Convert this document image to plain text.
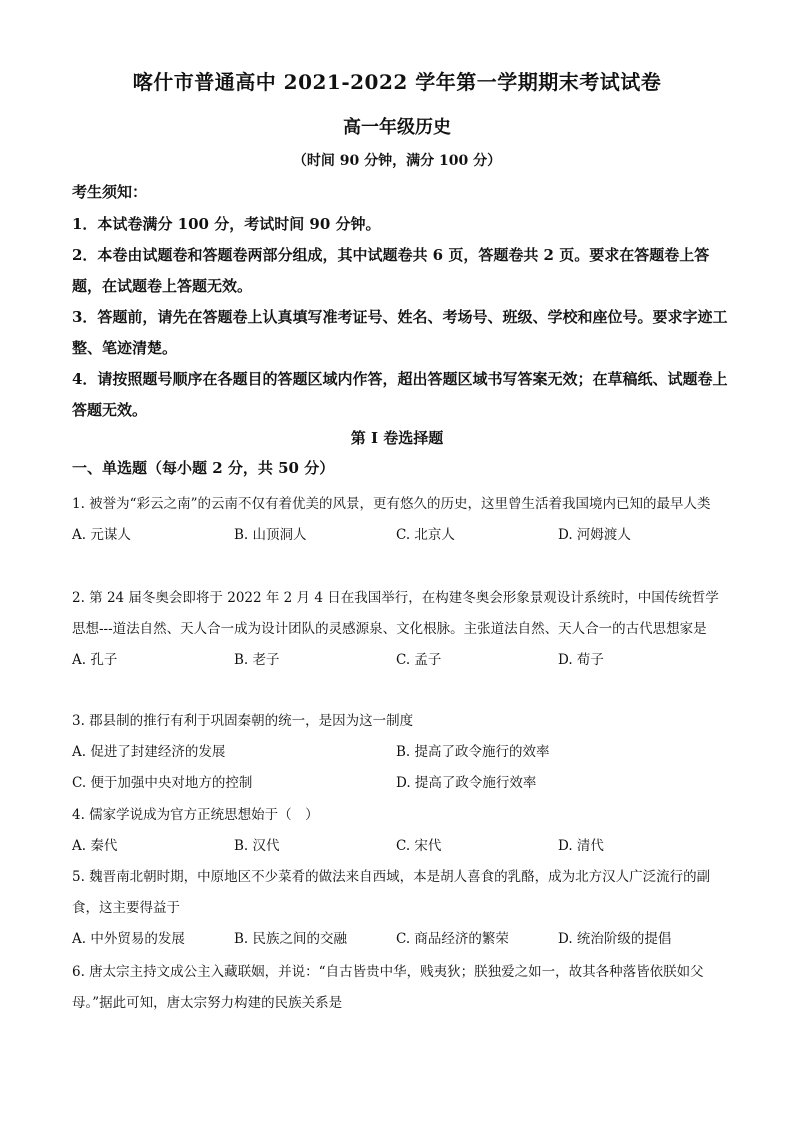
喀什市普通高中 2021-2022 学年第一学期期末考试试卷
高一年级历史
（时间 90 分钟，满分 100 分）
考生须知：
1．本试卷满分 100 分，考试时间 90 分钟。
2．本卷由试题卷和答题卷两部分组成，其中试题卷共 6 页，答题卷共 2 页。要求在答题卷上答题，在试题卷上答题无效。
3．答题前，请先在答题卷上认真填写准考证号、姓名、考场号、班级、学校和座位号。要求字迹工整、笔迹清楚。
4．请按照题号顺序在各题目的答题区域内作答，超出答题区域书写答案无效；在草稿纸、试题卷上答题无效。
第 I 卷选择题
一、单选题（每小题 2 分，共 50 分）
1. 被誉为“彩云之南”的云南不仅有着优美的风景，更有悠久的历史，这里曾生活着我国境内已知的最早人类
A. 元谋人	B. 山顶洞人	C. 北京人	D. 河姆渡人
2. 第 24 届冬奥会即将于 2022 年 2 月 4 日在我国举行，在构建冬奥会形象景观设计系统时，中国传统哲学思想---道法自然、天人合一成为设计团队的灵感源泉、文化根脉。主张道法自然、天人合一的古代思想家是
A. 孔子	B. 老子	C. 孟子	D. 荀子
3. 郡县制的推行有利于巩固秦朝的统一，是因为这一制度
A. 促进了封建经济的发展	B. 提高了政令施行的效率
C. 便于加强中央对地方的控制	D. 提高了政令施行效率
4. 儒家学说成为官方正统思想始于（　）
A. 秦代	B. 汉代	C. 宋代	D. 清代
5. 魏晋南北朝时期，中原地区不少菜肴的做法来自西域，本是胡人喜食的乳酪，成为北方汉人广泛流行的副食，这主要得益于
A. 中外贸易的发展	B. 民族之间的交融	C. 商品经济的繁荣	D. 统治阶级的提倡
6. 唐太宗主持文成公主入藏联姻，并说：“自古皆贵中华，贱夷狄；朕独爱之如一，故其各种落皆依朕如父母。”据此可知，唐太宗努力构建的民族关系是
